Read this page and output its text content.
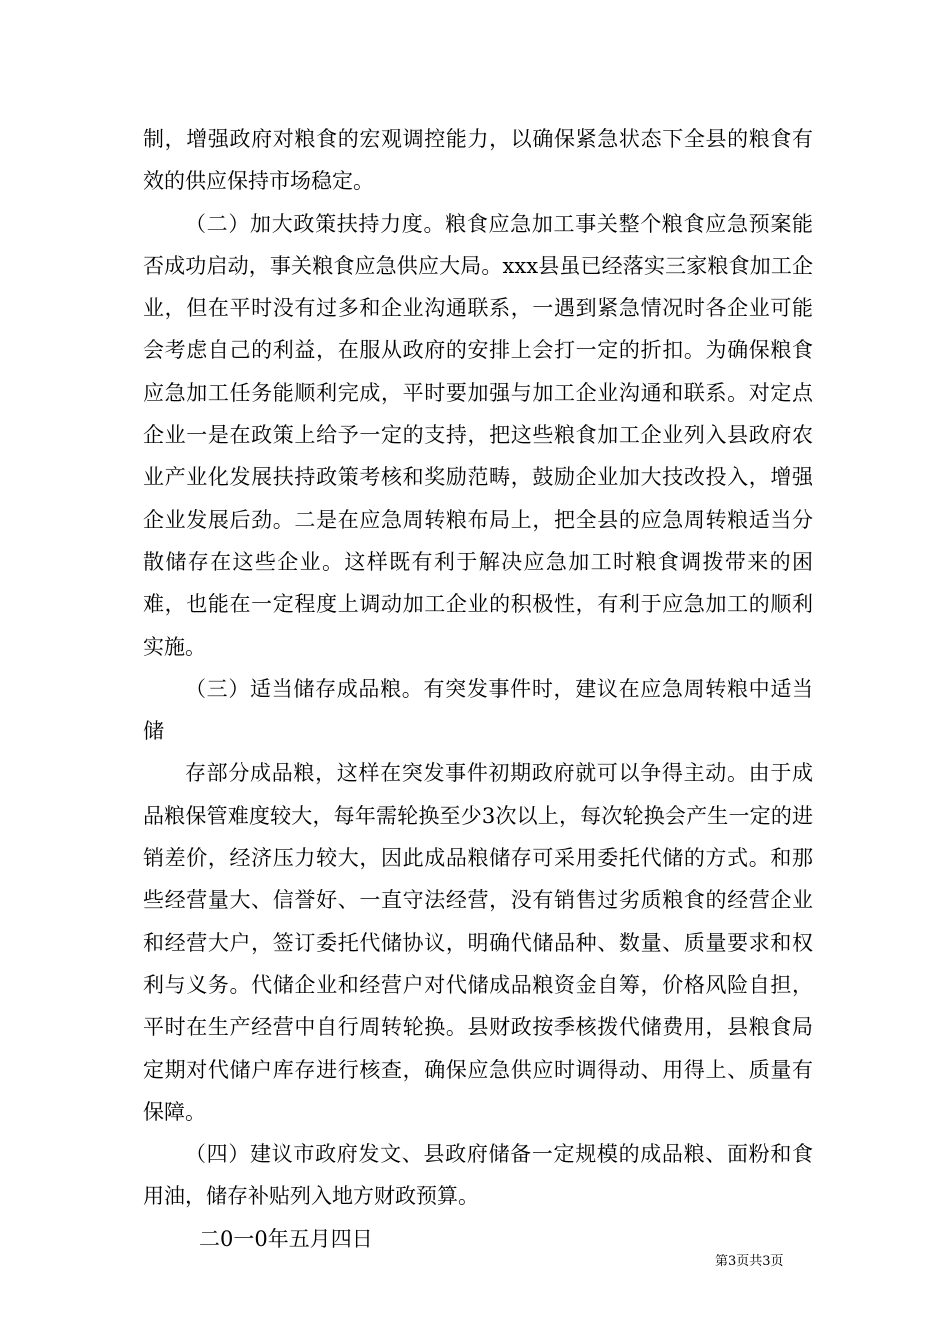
制，增强政府对粮食的宏观调控能力，以确保紧急状态下全县的粮食有效的供应保持市场稳定。

（二）加大政策扶持力度。粮食应急加工事关整个粮食应急预案能否成功启动，事关粮食应急供应大局。xxx县虽已经落实三家粮食加工企业，但在平时没有过多和企业沟通联系，一遇到紧急情况时各企业可能会考虑自己的利益，在服从政府的安排上会打一定的折扣。为确保粮食应急加工任务能顺利完成，平时要加强与加工企业沟通和联系。对定点企业一是在政策上给予一定的支持，把这些粮食加工企业列入县政府农业产业化发展扶持政策考核和奖励范畴，鼓励企业加大技改投入，增强企业发展后劲。二是在应急周转粮布局上，把全县的应急周转粮适当分散储存在这些企业。这样既有利于解决应急加工时粮食调拨带来的困难，也能在一定程度上调动加工企业的积极性，有利于应急加工的顺利实施。

（三）适当储存成品粮。有突发事件时，建议在应急周转粮中适当储

存部分成品粮，这样在突发事件初期政府就可以争得主动。由于成品粮保管难度较大，每年需轮换至少3次以上，每次轮换会产生一定的进销差价，经济压力较大，因此成品粮储存可采用委托代储的方式。和那些经营量大、信誉好、一直守法经营，没有销售过劣质粮食的经营企业和经营大户，签订委托代储协议，明确代储品种、数量、质量要求和权利与义务。代储企业和经营户对代储成品粮资金自筹，价格风险自担，平时在生产经营中自行周转轮换。县财政按季核拨代储费用，县粮食局定期对代储户库存进行核查，确保应急供应时调得动、用得上、质量有保障。

（四）建议市政府发文、县政府储备一定规模的成品粮、面粉和食用油，储存补贴列入地方财政预算。

二0一0年五月四日

第3页共3页
